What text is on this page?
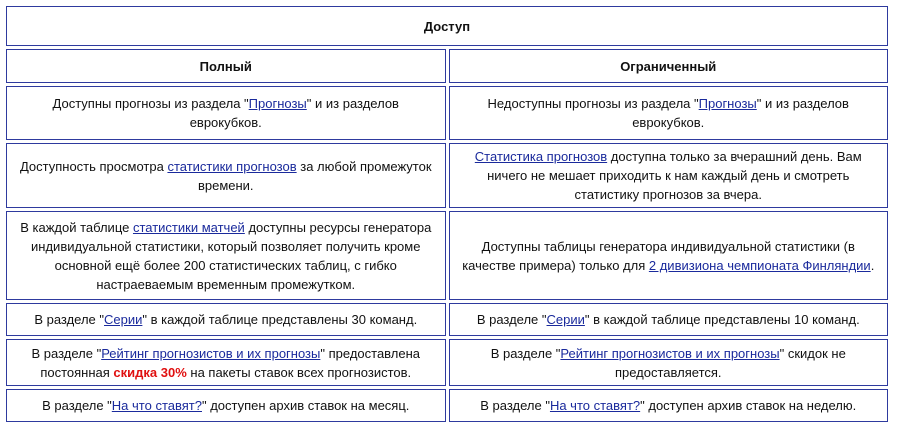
Доступ	
Полный	Ограниченный
Доступны прогнозы из раздела "Прогнозы" и из разделов еврокубков.	Недоступны прогнозы из раздела "Прогнозы" и из разделов еврокубков.
Доступность просмотра статистики прогнозов за любой промежуток времени.	Статистика прогнозов доступна только за вчерашний день. Вам ничего не мешает приходить к нам каждый день и смотреть статистику прогнозов за вчера.
В каждой таблице статистики матчей доступны ресурсы генератора индивидуальной статистики, который позволяет получить кроме основной ещё более 200 статистических таблиц, с гибко настраеваемым временным промежутком.	Доступны таблицы генератора индивидуальной статистики (в качестве примера) только для 2 дивизиона чемпионата Финляндии.
В разделе "Серии" в каждой таблице представлены 30 команд.	В разделе "Серии" в каждой таблице представлены 10 команд.
В разделе "Рейтинг прогнозистов и их прогнозы" предоставлена постоянная скидка 30% на пакеты ставок всех прогнозистов.	В разделе "Рейтинг прогнозистов и их прогнозы" скидок не предоставляется.
В разделе "На что ставят?" доступен архив ставок на месяц.	В разделе "На что ставят?" доступен архив ставок на неделю.
